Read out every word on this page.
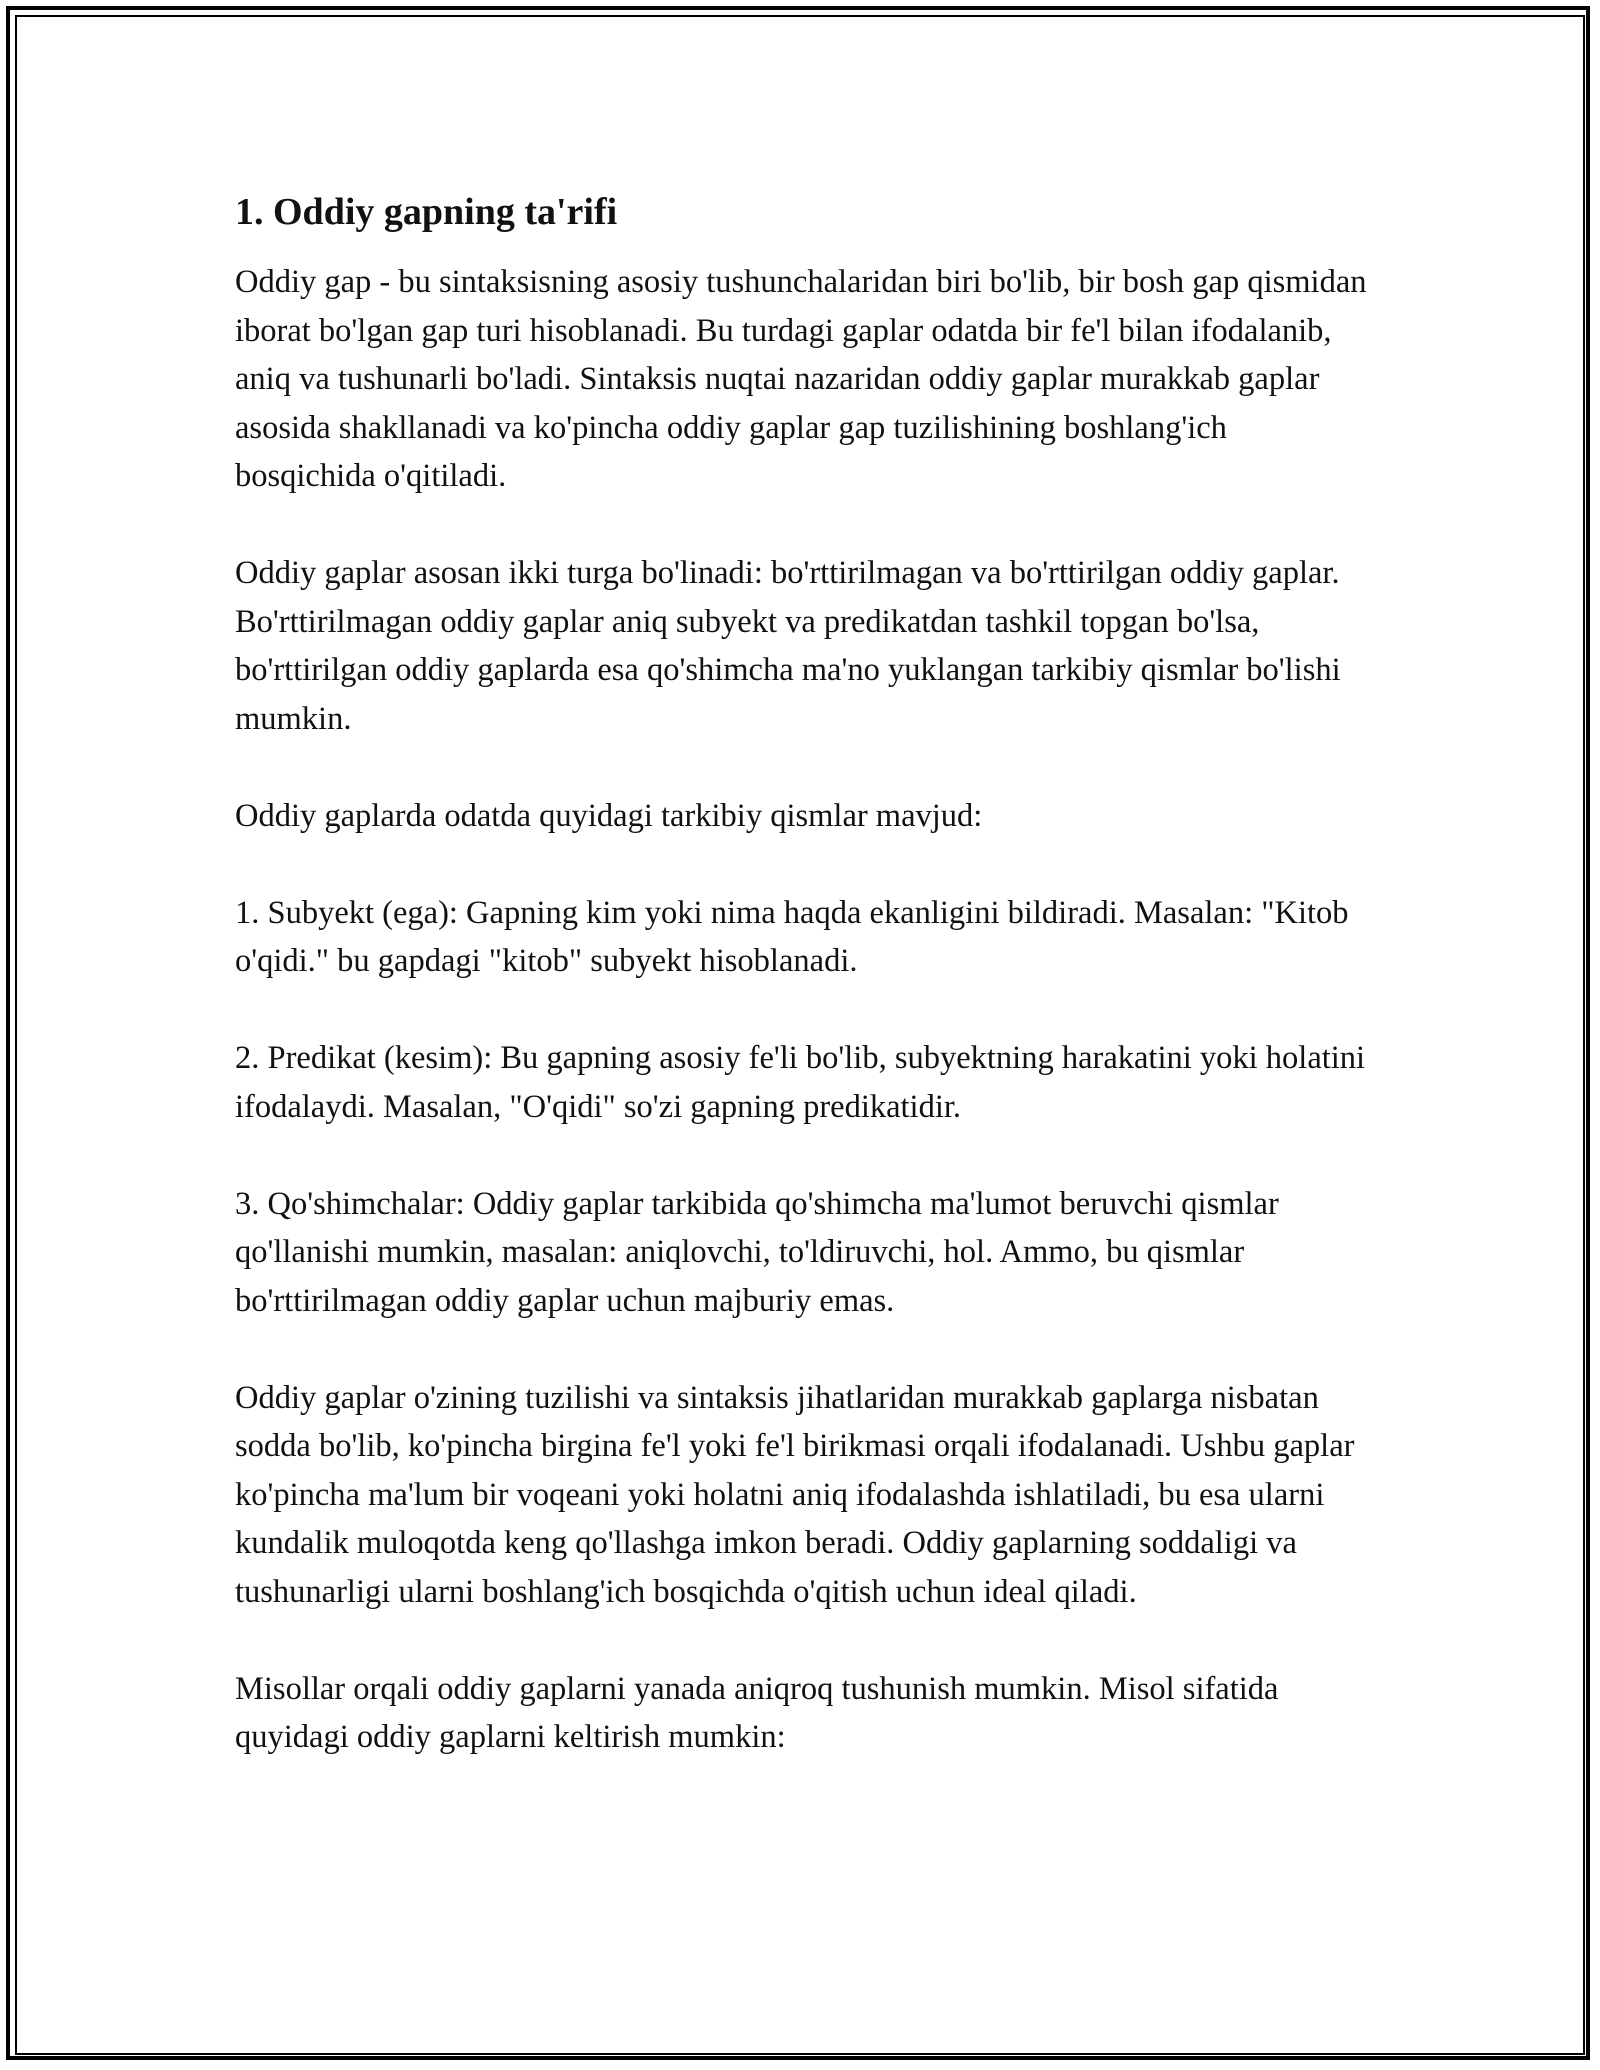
1. Oddiy gapning ta'rifi

Oddiy gap - bu sintaksisning asosiy tushunchalaridan biri bo'lib, bir bosh gap qismidan iborat bo'lgan gap turi hisoblanadi. Bu turdagi gaplar odatda bir fe'l bilan ifodalanib, aniq va tushunarli bo'ladi. Sintaksis nuqtai nazaridan oddiy gaplar murakkab gaplar asosida shakllanadi va ko'pincha oddiy gaplar gap tuzilishining boshlang'ich bosqichida o'qitiladi.

Oddiy gaplar asosan ikki turga bo'linadi: bo'rttirilmagan va bo'rttirilgan oddiy gaplar. Bo'rttirilmagan oddiy gaplar aniq subyekt va predikatdan tashkil topgan bo'lsa, bo'rttirilgan oddiy gaplarda esa qo'shimcha ma'no yuklangan tarkibiy qismlar bo'lishi mumkin.

Oddiy gaplarda odatda quyidagi tarkibiy qismlar mavjud:

1. Subyekt (ega): Gapning kim yoki nima haqda ekanligini bildiradi. Masalan: "Kitob o'qidi." bu gapdagi "kitob" subyekt hisoblanadi.

2. Predikat (kesim): Bu gapning asosiy fe'li bo'lib, subyektning harakatini yoki holatini ifodalaydi. Masalan, "O'qidi" so'zi gapning predikatidir.

3. Qo'shimchalar: Oddiy gaplar tarkibida qo'shimcha ma'lumot beruvchi qismlar qo'llanishi mumkin, masalan: aniqlovchi, to'ldiruvchi, hol. Ammo, bu qismlar bo'rttirilmagan oddiy gaplar uchun majburiy emas.

Oddiy gaplar o'zining tuzilishi va sintaksis jihatlaridan murakkab gaplarga nisbatan sodda bo'lib, ko'pincha birgina fe'l yoki fe'l birikmasi orqali ifodalanadi. Ushbu gaplar ko'pincha ma'lum bir voqeani yoki holatni aniq ifodalashda ishlatiladi, bu esa ularni kundalik muloqotda keng qo'llashga imkon beradi. Oddiy gaplarning soddaligi va tushunarligi ularni boshlang'ich bosqichda o'qitish uchun ideal qiladi.

Misollar orqali oddiy gaplarni yanada aniqroq tushunish mumkin. Misol sifatida quyidagi oddiy gaplarni keltirish mumkin:
